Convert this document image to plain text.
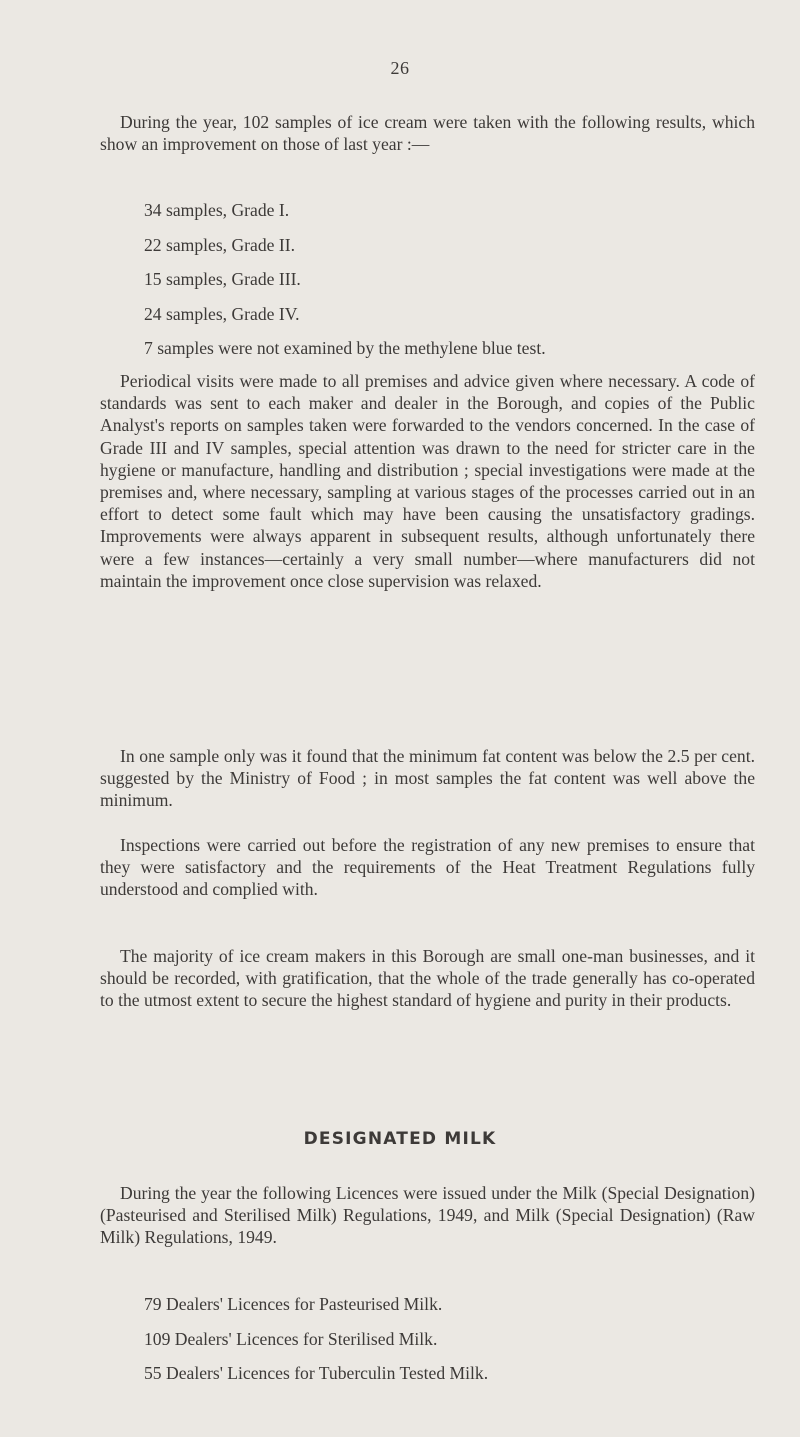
26

During the year, 102 samples of ice cream were taken with the following results, which show an improvement on those of last year :—

34 samples, Grade I.
22 samples, Grade II.
15 samples, Grade III.
24 samples, Grade IV.
7 samples were not examined by the methylene blue test.

Periodical visits were made to all premises and advice given where necessary. A code of standards was sent to each maker and dealer in the Borough, and copies of the Public Analyst's reports on samples taken were forwarded to the vendors concerned. In the case of Grade III and IV samples, special attention was drawn to the need for stricter care in the hygiene or manufacture, handling and distribution ; special investigations were made at the premises and, where necessary, sampling at various stages of the processes carried out in an effort to detect some fault which may have been causing the unsatisfactory gradings. Improvements were always apparent in subsequent results, although unfortunately there were a few instances—certainly a very small number—where manufacturers did not maintain the improvement once close supervision was relaxed.

In one sample only was it found that the minimum fat content was below the 2.5 per cent. suggested by the Ministry of Food ; in most samples the fat content was well above the minimum.

Inspections were carried out before the registration of any new premises to ensure that they were satisfactory and the requirements of the Heat Treatment Regulations fully understood and complied with.

The majority of ice cream makers in this Borough are small one-man businesses, and it should be recorded, with gratification, that the whole of the trade generally has co-operated to the utmost extent to secure the highest standard of hygiene and purity in their products.

DESIGNATED MILK

During the year the following Licences were issued under the Milk (Special Designation) (Pasteurised and Sterilised Milk) Regulations, 1949, and Milk (Special Designation) (Raw Milk) Regulations, 1949.

79 Dealers' Licences for Pasteurised Milk.
109 Dealers' Licences for Sterilised Milk.
55 Dealers' Licences for Tuberculin Tested Milk.
